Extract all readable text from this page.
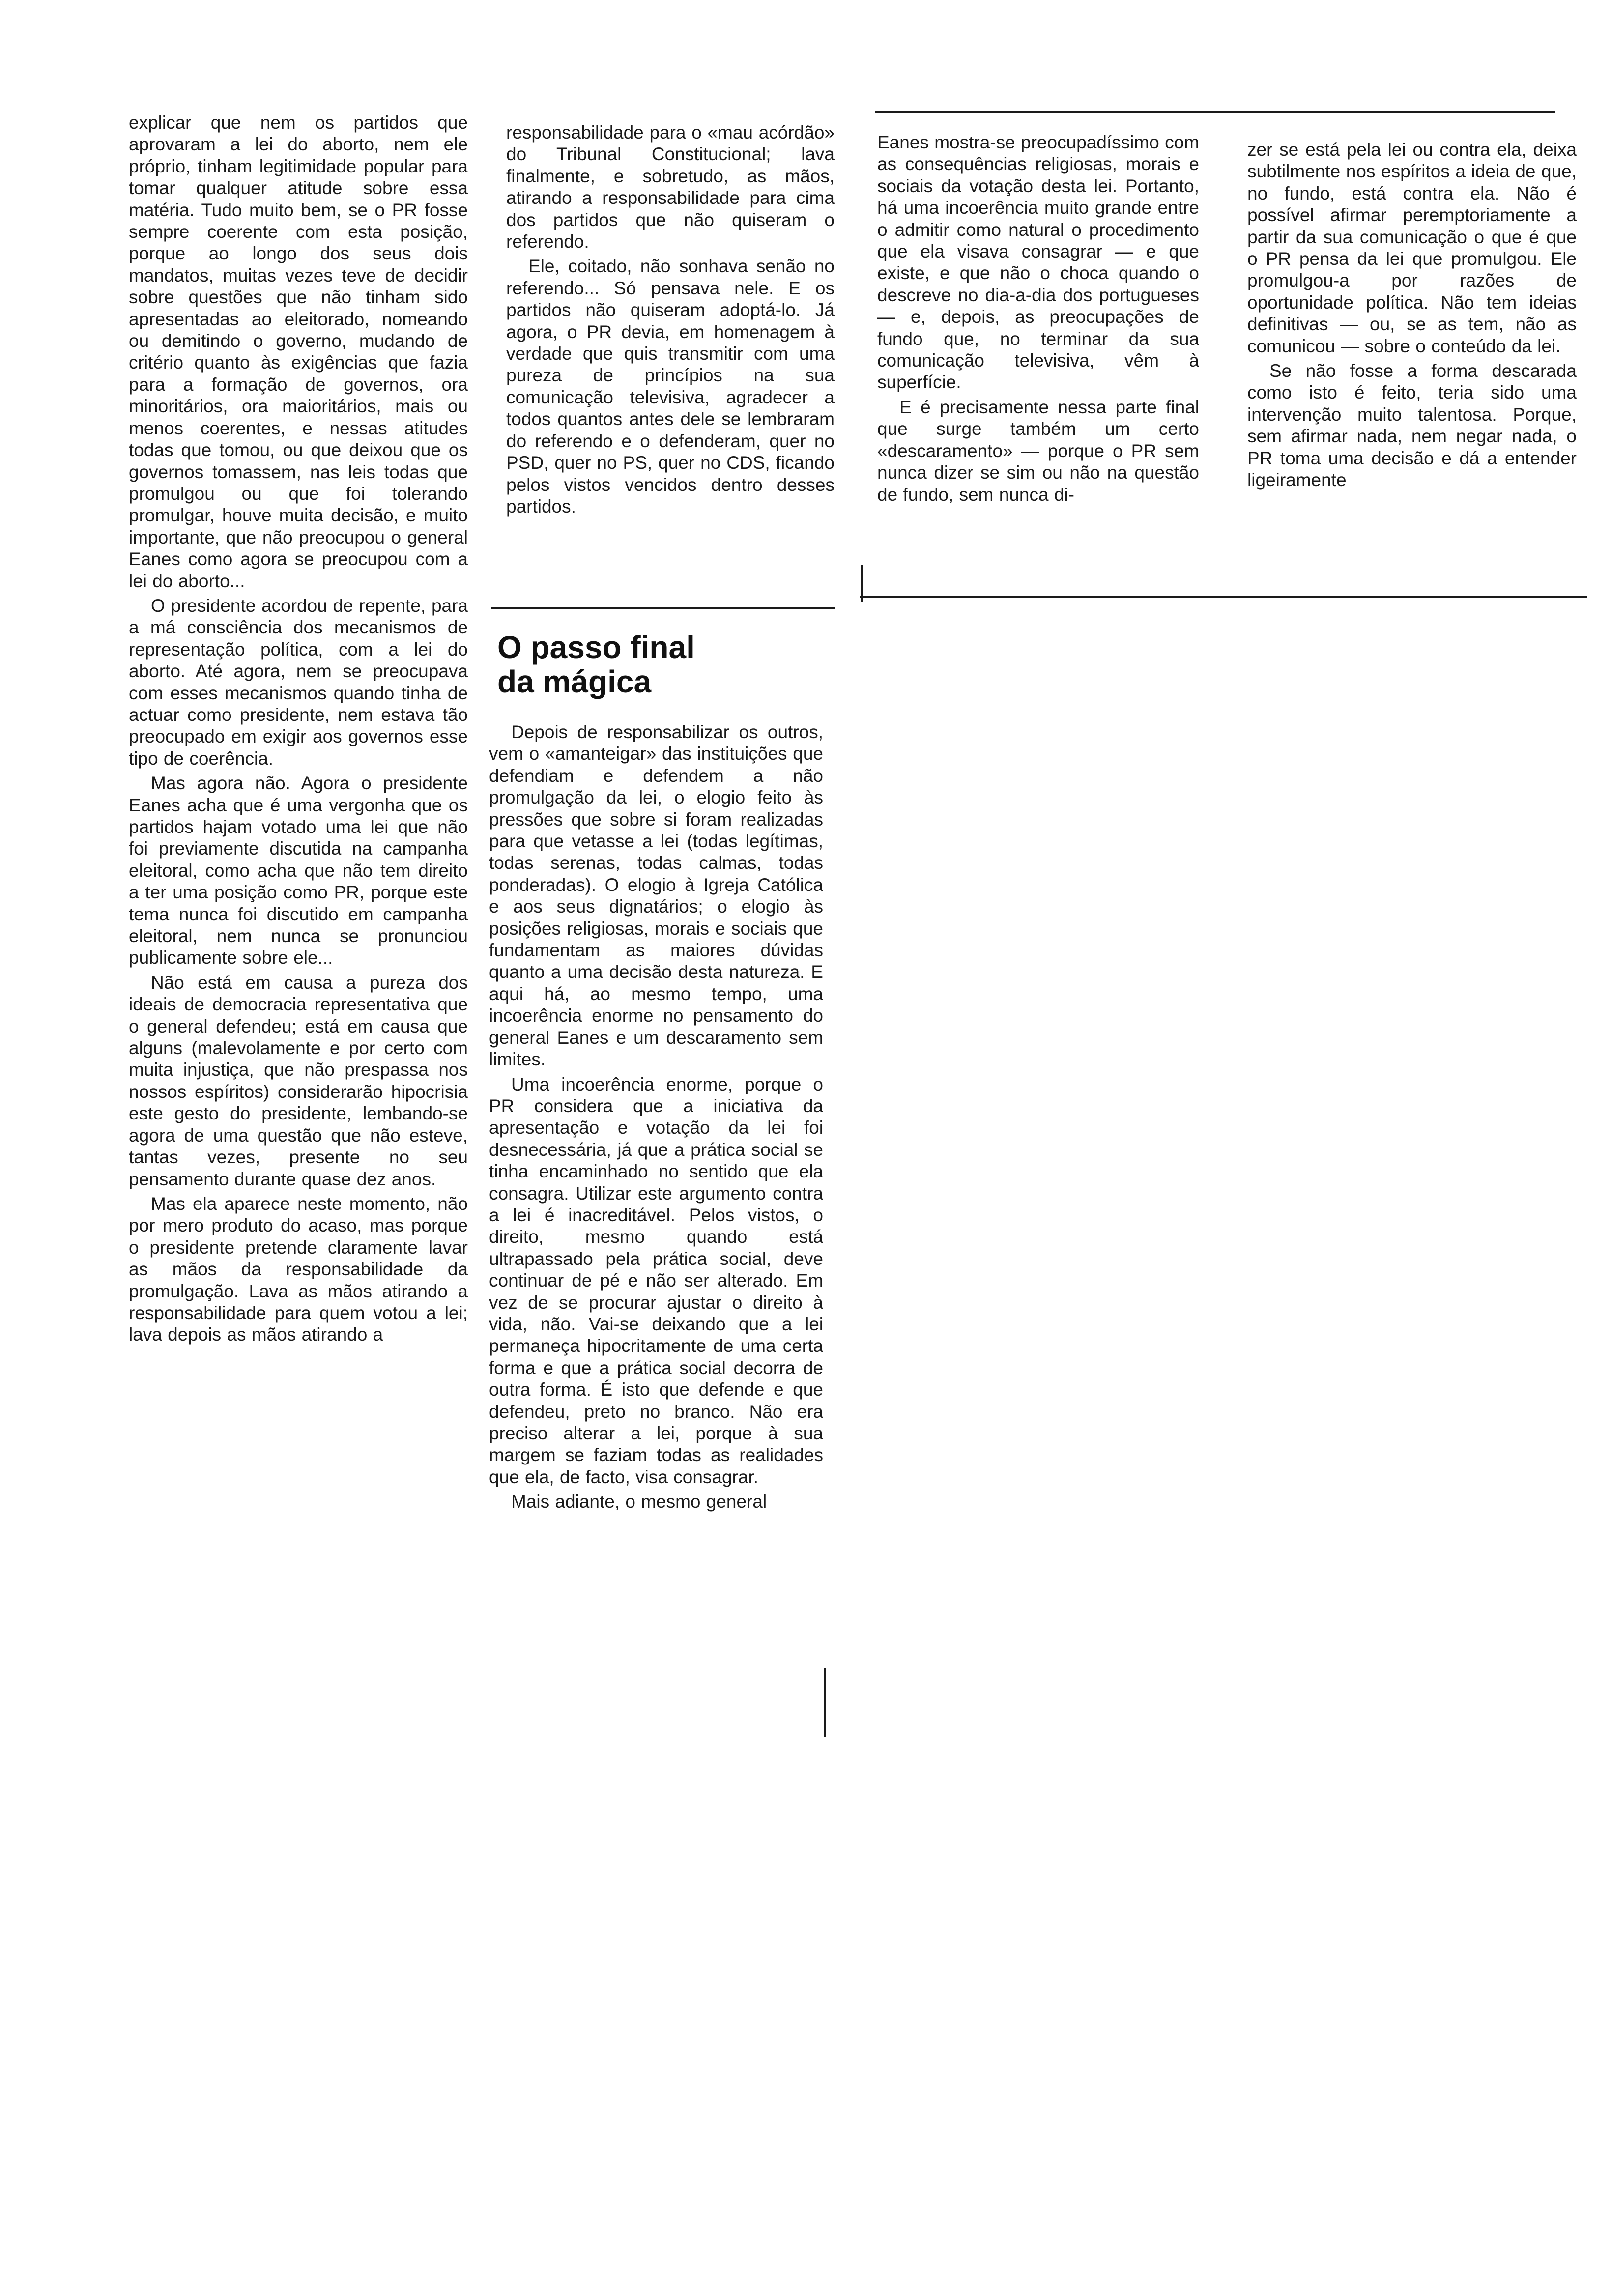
explicar que nem os partidos que aprovaram a lei do aborto, nem ele próprio, tinham legitimidade popular para tomar qualquer atitude sobre essa matéria. Tudo muito bem, se o PR fosse sempre coerente com esta posição, porque ao longo dos seus dois mandatos, muitas vezes teve de decidir sobre questões que não tinham sido apresentadas ao eleitorado, nomeando ou demitindo o governo, mudando de critério quanto às exigências que fazia para a formação de governos, ora minoritários, ora maioritários, mais ou menos coerentes, e nessas atitudes todas que tomou, ou que deixou que os governos tomassem, nas leis todas que promulgou ou que foi tolerando promulgar, houve muita decisão, e muito importante, que não preocupou o general Eanes como agora se preocupou com a lei do aborto...

O presidente acordou de repente, para a má consciência dos mecanismos de representação política, com a lei do aborto. Até agora, nem se preocupava com esses mecanismos quando tinha de actuar como presidente, nem estava tão preocupado em exigir aos governos esse tipo de coerência.

Mas agora não. Agora o presidente Eanes acha que é uma vergonha que os partidos hajam votado uma lei que não foi previamente discutida na campanha eleitoral, como acha que não tem direito a ter uma posição como PR, porque este tema nunca foi discutido em campanha eleitoral, nem nunca se pronunciou publicamente sobre ele...

Não está em causa a pureza dos ideais de democracia representativa que o general defendeu; está em causa que alguns (malevolamente e por certo com muita injustiça, que não prespassa nos nossos espíritos) considerarão hipocrisia este gesto do presidente, lembando-se agora de uma questão que não esteve, tantas vezes, presente no seu pensamento durante quase dez anos.

Mas ela aparece neste momento, não por mero produto do acaso, mas porque o presidente pretende claramente lavar as mãos da responsabilidade da promulgação. Lava as mãos atirando a responsabilidade para quem votou a lei; lava depois as mãos atirando a

responsabilidade para o «mau acórdão» do Tribunal Constitucional; lava finalmente, e sobretudo, as mãos, atirando a responsabilidade para cima dos partidos que não quiseram o referendo.

Ele, coitado, não sonhava senão no referendo... Só pensava nele. E os partidos não quiseram adoptá-lo. Já agora, o PR devia, em homenagem à verdade que quis transmitir com uma pureza de princípios na sua comunicação televisiva, agradecer a todos quantos antes dele se lembraram do referendo e o defenderam, quer no PSD, quer no PS, quer no CDS, ficando pelos vistos vencidos dentro desses partidos.

O passo final
da mágica

Depois de responsabilizar os outros, vem o «amanteigar» das instituições que defendiam e defendem a não promulgação da lei, o elogio feito às pressões que sobre si foram realizadas para que vetasse a lei (todas legítimas, todas serenas, todas calmas, todas ponderadas). O elogio à Igreja Católica e aos seus dignatários; o elogio às posições religiosas, morais e sociais que fundamentam as maiores dúvidas quanto a uma decisão desta natureza. E aqui há, ao mesmo tempo, uma incoerência enorme no pensamento do general Eanes e um descaramento sem limites.

Uma incoerência enorme, porque o PR considera que a iniciativa da apresentação e votação da lei foi desnecessária, já que a prática social se tinha encaminhado no sentido que ela consagra. Utilizar este argumento contra a lei é inacreditável. Pelos vistos, o direito, mesmo quando está ultrapassado pela prática social, deve continuar de pé e não ser alterado. Em vez de se procurar ajustar o direito à vida, não. Vai-se deixando que a lei permaneça hipocritamente de uma certa forma e que a prática social decorra de outra forma. É isto que defende e que defendeu, preto no branco. Não era preciso alterar a lei, porque à sua margem se faziam todas as realidades que ela, de facto, visa consagrar.

Mais adiante, o mesmo general

Eanes mostra-se preocupadíssimo com as consequências religiosas, morais e sociais da votação desta lei. Portanto, há uma incoerência muito grande entre o admitir como natural o procedimento que ela visava consagrar — e que existe, e que não o choca quando o descreve no dia-a-dia dos portugueses — e, depois, as preocupações de fundo que, no terminar da sua comunicação televisiva, vêm à superfície.

E é precisamente nessa parte final que surge também um certo «descaramento» — porque o PR sem nunca dizer se sim ou não na questão de fundo, sem nunca di-

zer se está pela lei ou contra ela, deixa subtilmente nos espíritos a ideia de que, no fundo, está contra ela. Não é possível afirmar peremptoriamente a partir da sua comunicação o que é que o PR pensa da lei que promulgou. Ele promulgou-a por razões de oportunidade política. Não tem ideias definitivas — ou, se as tem, não as comunicou — sobre o conteúdo da lei.

Se não fosse a forma descarada como isto é feito, teria sido uma intervenção muito talentosa. Porque, sem afirmar nada, nem negar nada, o PR toma uma decisão e dá a entender ligeiramente
